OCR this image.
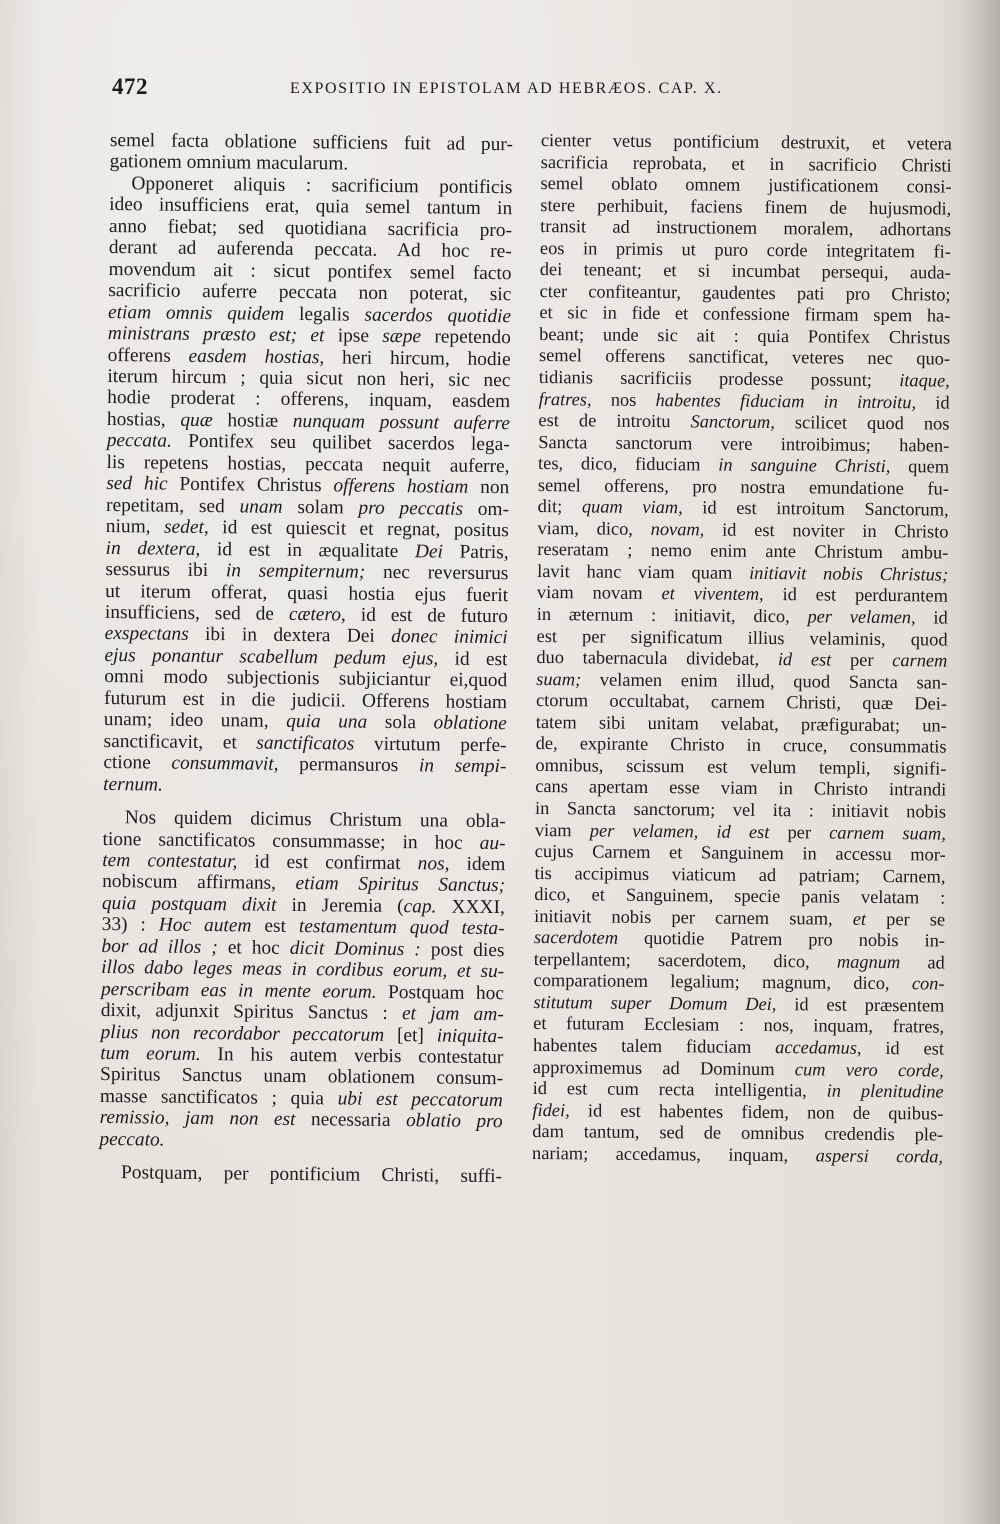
472	EXPOSITIO IN EPISTOLAM AD HEBRÆOS. CAP. X.
semel facta oblatione sufficiens fuit ad pur-
gationem omnium macularum.
Opponeret aliquis : sacrificium pontificis
ideo insufficiens erat, quia semel tantum in
anno fiebat; sed quotidiana sacrificia pro-
derant ad auferenda peccata. Ad hoc re-
movendum ait : sicut pontifex semel facto
sacrificio auferre peccata non poterat, sic
etiam omnis quidem legalis sacerdos quotidie
ministrans præsto est; et ipse sæpe repetendo
offerens easdem hostias, heri hircum, hodie
iterum hircum ; quia sicut non heri, sic nec
hodie proderat : offerens, inquam, easdem
hostias, quæ hostiæ nunquam possunt auferre
peccata. Pontifex seu quilibet sacerdos lega-
lis repetens hostias, peccata nequit auferre,
sed hic Pontifex Christus offerens hostiam non
repetitam, sed unam solam pro peccatis om-
nium, sedet, id est quiescit et regnat, positus
in dextera, id est in æqualitate Dei Patris,
sessurus ibi in sempiternum; nec reversurus
ut iterum offerat, quasi hostia ejus fuerit
insufficiens, sed de cætero, id est de futuro
exspectans ibi in dextera Dei donec inimici
ejus ponantur scabellum pedum ejus, id est
omni modo subjectionis subjiciantur ei,quod
futurum est in die judicii. Offerens hostiam
unam; ideo unam, quia una sola oblatione
sanctificavit, et sanctificatos virtutum perfe-
ctione consummavit, permansuros in sempi-
ternum.
Nos quidem dicimus Christum una obla-
tione sanctificatos consummasse; in hoc au-
tem contestatur, id est confirmat nos, idem
nobiscum affirmans, etiam Spiritus Sanctus;
quia postquam dixit in Jeremia (cap. XXXI,
33) : Hoc autem est testamentum quod testa-
bor ad illos ; et hoc dicit Dominus : post dies
illos dabo leges meas in cordibus eorum, et su-
perscribam eas in mente eorum. Postquam hoc
dixit, adjunxit Spiritus Sanctus : et jam am-
plius non recordabor peccatorum [et] iniquita-
tum eorum. In his autem verbis contestatur
Spiritus Sanctus unam oblationem consum-
masse sanctificatos ; quia ubi est peccatorum
remissio, jam non est necessaria oblatio pro
peccato.
Postquam, per pontificium Christi, suffi-
cienter vetus pontificium destruxit, et vetera
sacrificia reprobata, et in sacrificio Christi
semel oblato omnem justificationem consi-
stere perhibuit, faciens finem de hujusmodi,
transit ad instructionem moralem, adhortans
eos in primis ut puro corde integritatem fi-
dei teneant; et si incumbat persequi, auda-
cter confiteantur, gaudentes pati pro Christo;
et sic in fide et confessione firmam spem ha-
beant; unde sic ait : quia Pontifex Christus
semel offerens sanctificat, veteres nec quo-
tidianis sacrificiis prodesse possunt; itaque,
fratres, nos habentes fiduciam in introitu, id
est de introitu Sanctorum, scilicet quod nos
Sancta sanctorum vere introibimus; haben-
tes, dico, fiduciam in sanguine Christi, quem
semel offerens, pro nostra emundatione fu-
dit; quam viam, id est introitum Sanctorum,
viam, dico, novam, id est noviter in Christo
reseratam ; nemo enim ante Christum ambu-
lavit hanc viam quam initiavit nobis Christus;
viam novam et viventem, id est perdurantem
in æternum : initiavit, dico, per velamen, id
est per significatum illius velaminis, quod
duo tabernacula dividebat, id est per carnem
suam; velamen enim illud, quod Sancta san-
ctorum occultabat, carnem Christi, quæ Dei-
tatem sibi unitam velabat, præfigurabat; un-
de, expirante Christo in cruce, consummatis
omnibus, scissum est velum templi, signifi-
cans apertam esse viam in Christo intrandi
in Sancta sanctorum; vel ita : initiavit nobis
viam per velamen, id est per carnem suam,
cujus Carnem et Sanguinem in accessu mor-
tis accipimus viaticum ad patriam; Carnem,
dico, et Sanguinem, specie panis velatam :
initiavit nobis per carnem suam, et per se
sacerdotem quotidie Patrem pro nobis in-
terpellantem; sacerdotem, dico, magnum ad
comparationem legalium; magnum, dico, con-
stitutum super Domum Dei, id est præsentem
et futuram Ecclesiam : nos, inquam, fratres,
habentes talem fiduciam accedamus, id est
approximemus ad Dominum cum vero corde,
id est cum recta intelligentia, in plenitudine
fidei, id est habentes fidem, non de quibus-
dam tantum, sed de omnibus credendis ple-
nariam; accedamus, inquam, aspersi corda,
